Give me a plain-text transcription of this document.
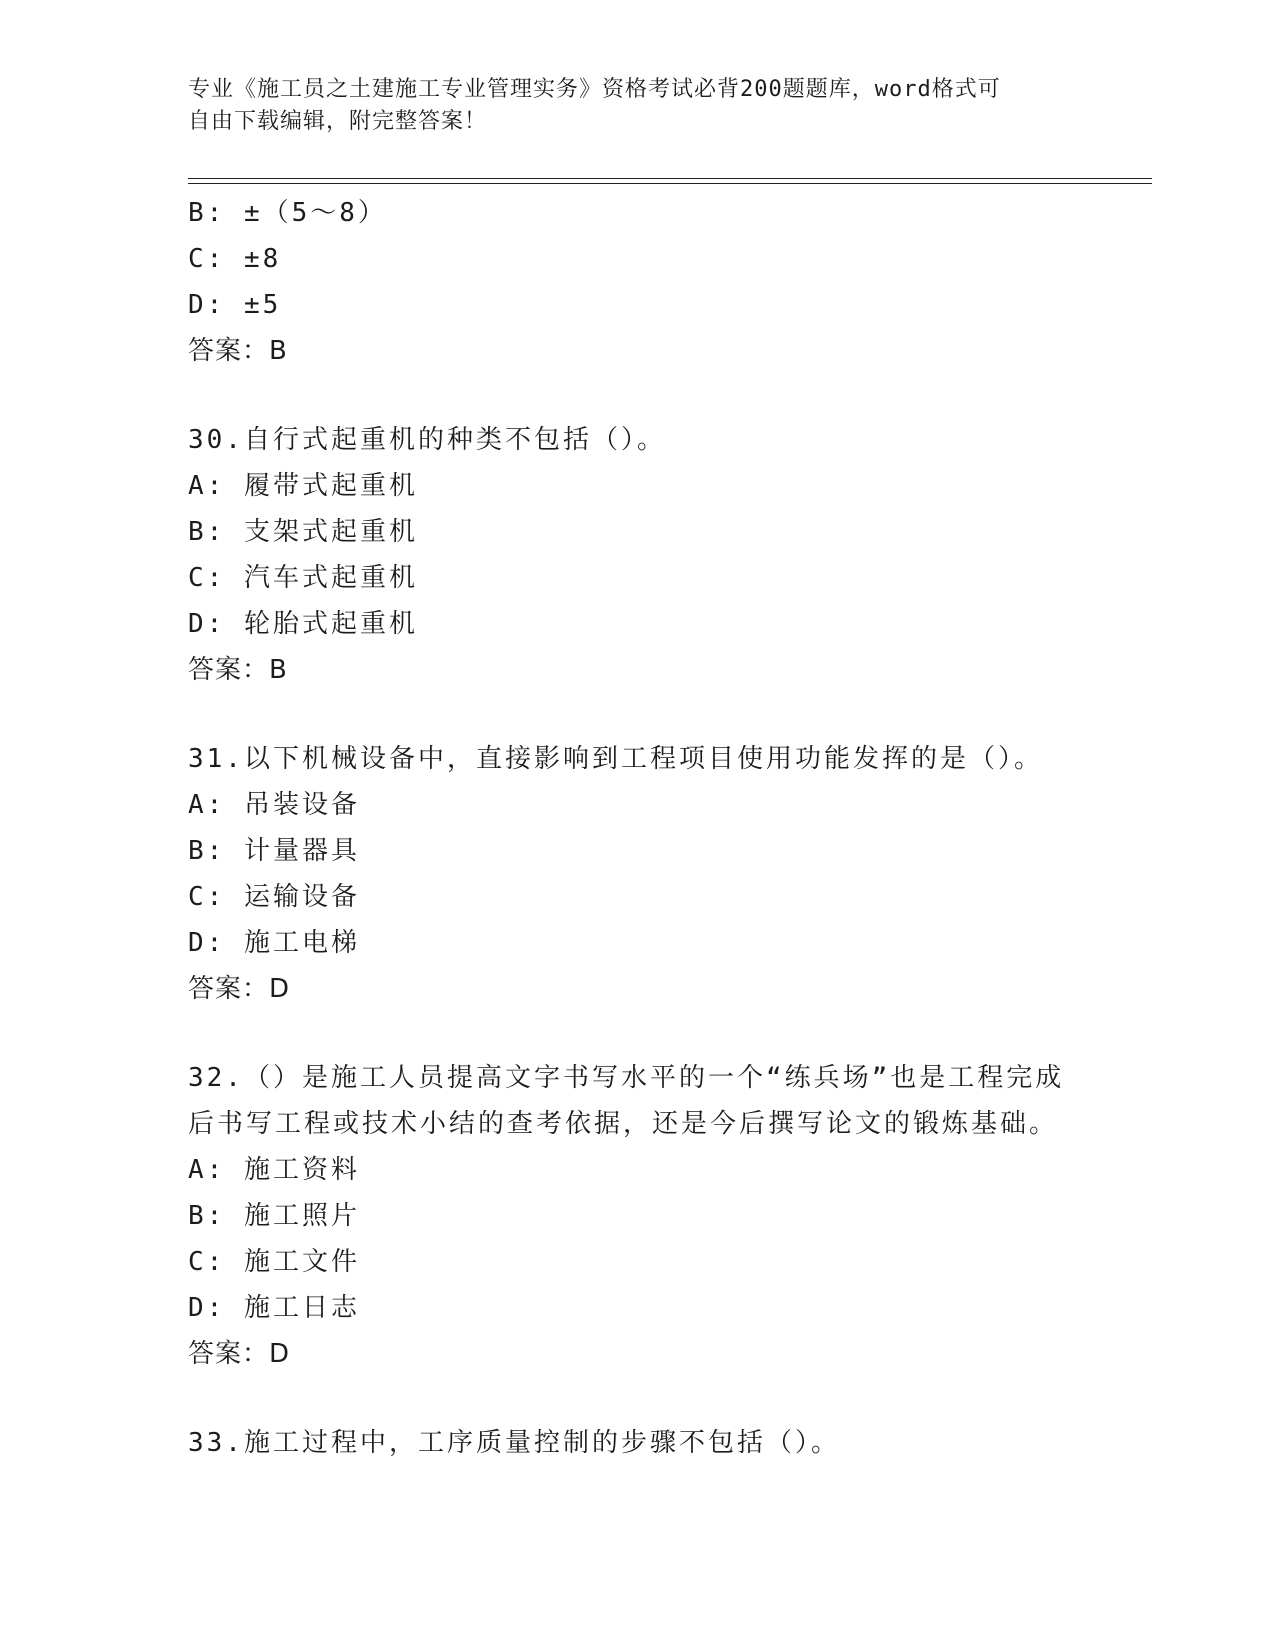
专业《施工员之土建施工专业管理实务》资格考试必背200题题库，word格式可
自由下载编辑，附完整答案！
B: ±（5～8）
C: ±8
D: ±5
答案：B
30.自行式起重机的种类不包括（）。
A: 履带式起重机
B: 支架式起重机
C: 汽车式起重机
D: 轮胎式起重机
答案：B
31.以下机械设备中，直接影响到工程项目使用功能发挥的是（）。
A: 吊装设备
B: 计量器具
C: 运输设备
D: 施工电梯
答案：D
32.（）是施工人员提高文字书写水平的一个“练兵场”也是工程完成
后书写工程或技术小结的查考依据，还是今后撰写论文的锻炼基础。
A: 施工资料
B: 施工照片
C: 施工文件
D: 施工日志
答案：D
33.施工过程中，工序质量控制的步骤不包括（）。
